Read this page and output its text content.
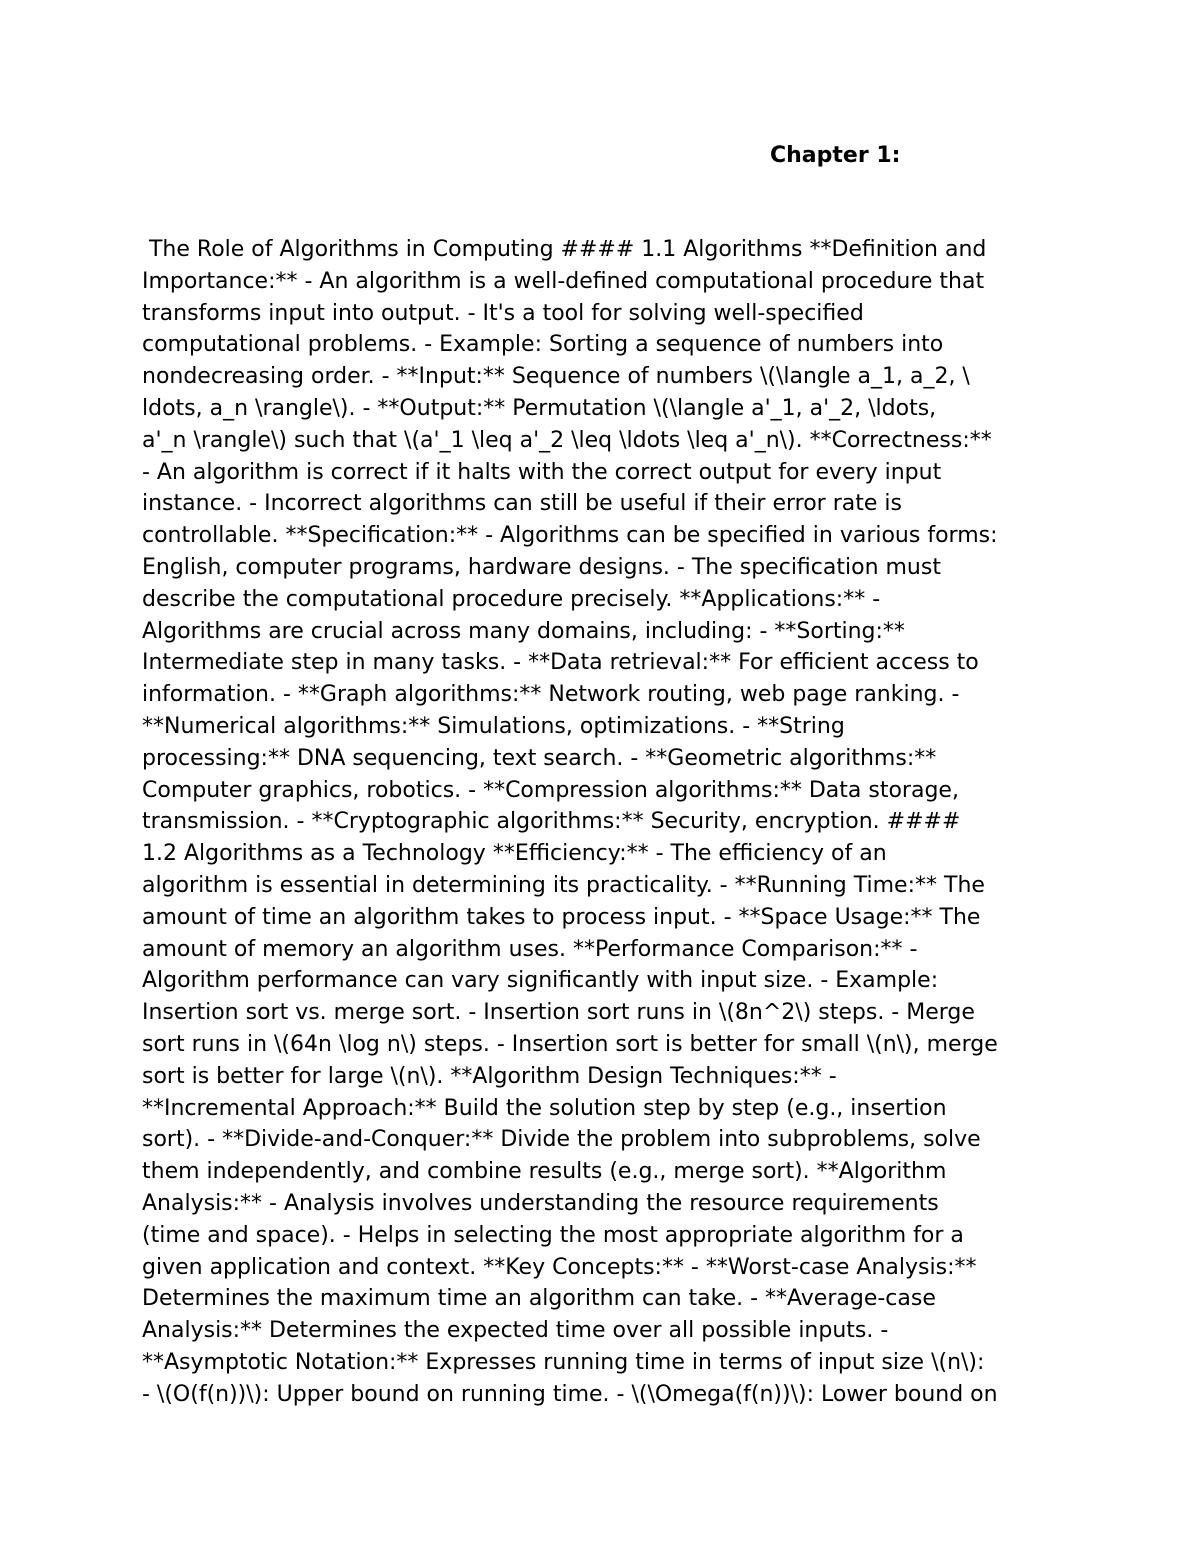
Chapter 1:
The Role of Algorithms in Computing #### 1.1 Algorithms **Definition and
Importance:** - An algorithm is a well-defined computational procedure that
transforms input into output. - It's a tool for solving well-specified
computational problems. - Example: Sorting a sequence of numbers into
nondecreasing order. - **Input:** Sequence of numbers \(\langle a_1, a_2, \
ldots, a_n \rangle\). - **Output:** Permutation \(\langle a'_1, a'_2, \ldots,
a'_n \rangle\) such that \(a'_1 \leq a'_2 \leq \ldots \leq a'_n\). **Correctness:**
- An algorithm is correct if it halts with the correct output for every input
instance. - Incorrect algorithms can still be useful if their error rate is
controllable. **Specification:** - Algorithms can be specified in various forms:
English, computer programs, hardware designs. - The specification must
describe the computational procedure precisely. **Applications:** -
Algorithms are crucial across many domains, including: - **Sorting:**
Intermediate step in many tasks. - **Data retrieval:** For efficient access to
information. - **Graph algorithms:** Network routing, web page ranking. -
**Numerical algorithms:** Simulations, optimizations. - **String
processing:** DNA sequencing, text search. - **Geometric algorithms:**
Computer graphics, robotics. - **Compression algorithms:** Data storage,
transmission. - **Cryptographic algorithms:** Security, encryption. ####
1.2 Algorithms as a Technology **Efficiency:** - The efficiency of an
algorithm is essential in determining its practicality. - **Running Time:** The
amount of time an algorithm takes to process input. - **Space Usage:** The
amount of memory an algorithm uses. **Performance Comparison:** -
Algorithm performance can vary significantly with input size. - Example:
Insertion sort vs. merge sort. - Insertion sort runs in \(8n^2\) steps. - Merge
sort runs in \(64n \log n\) steps. - Insertion sort is better for small \(n\), merge
sort is better for large \(n\). **Algorithm Design Techniques:** -
**Incremental Approach:** Build the solution step by step (e.g., insertion
sort). - **Divide-and-Conquer:** Divide the problem into subproblems, solve
them independently, and combine results (e.g., merge sort). **Algorithm
Analysis:** - Analysis involves understanding the resource requirements
(time and space). - Helps in selecting the most appropriate algorithm for a
given application and context. **Key Concepts:** - **Worst-case Analysis:**
Determines the maximum time an algorithm can take. - **Average-case
Analysis:** Determines the expected time over all possible inputs. -
**Asymptotic Notation:** Expresses running time in terms of input size \(n\):
- \(O(f(n))\): Upper bound on running time. - \(\Omega(f(n))\): Lower bound on
